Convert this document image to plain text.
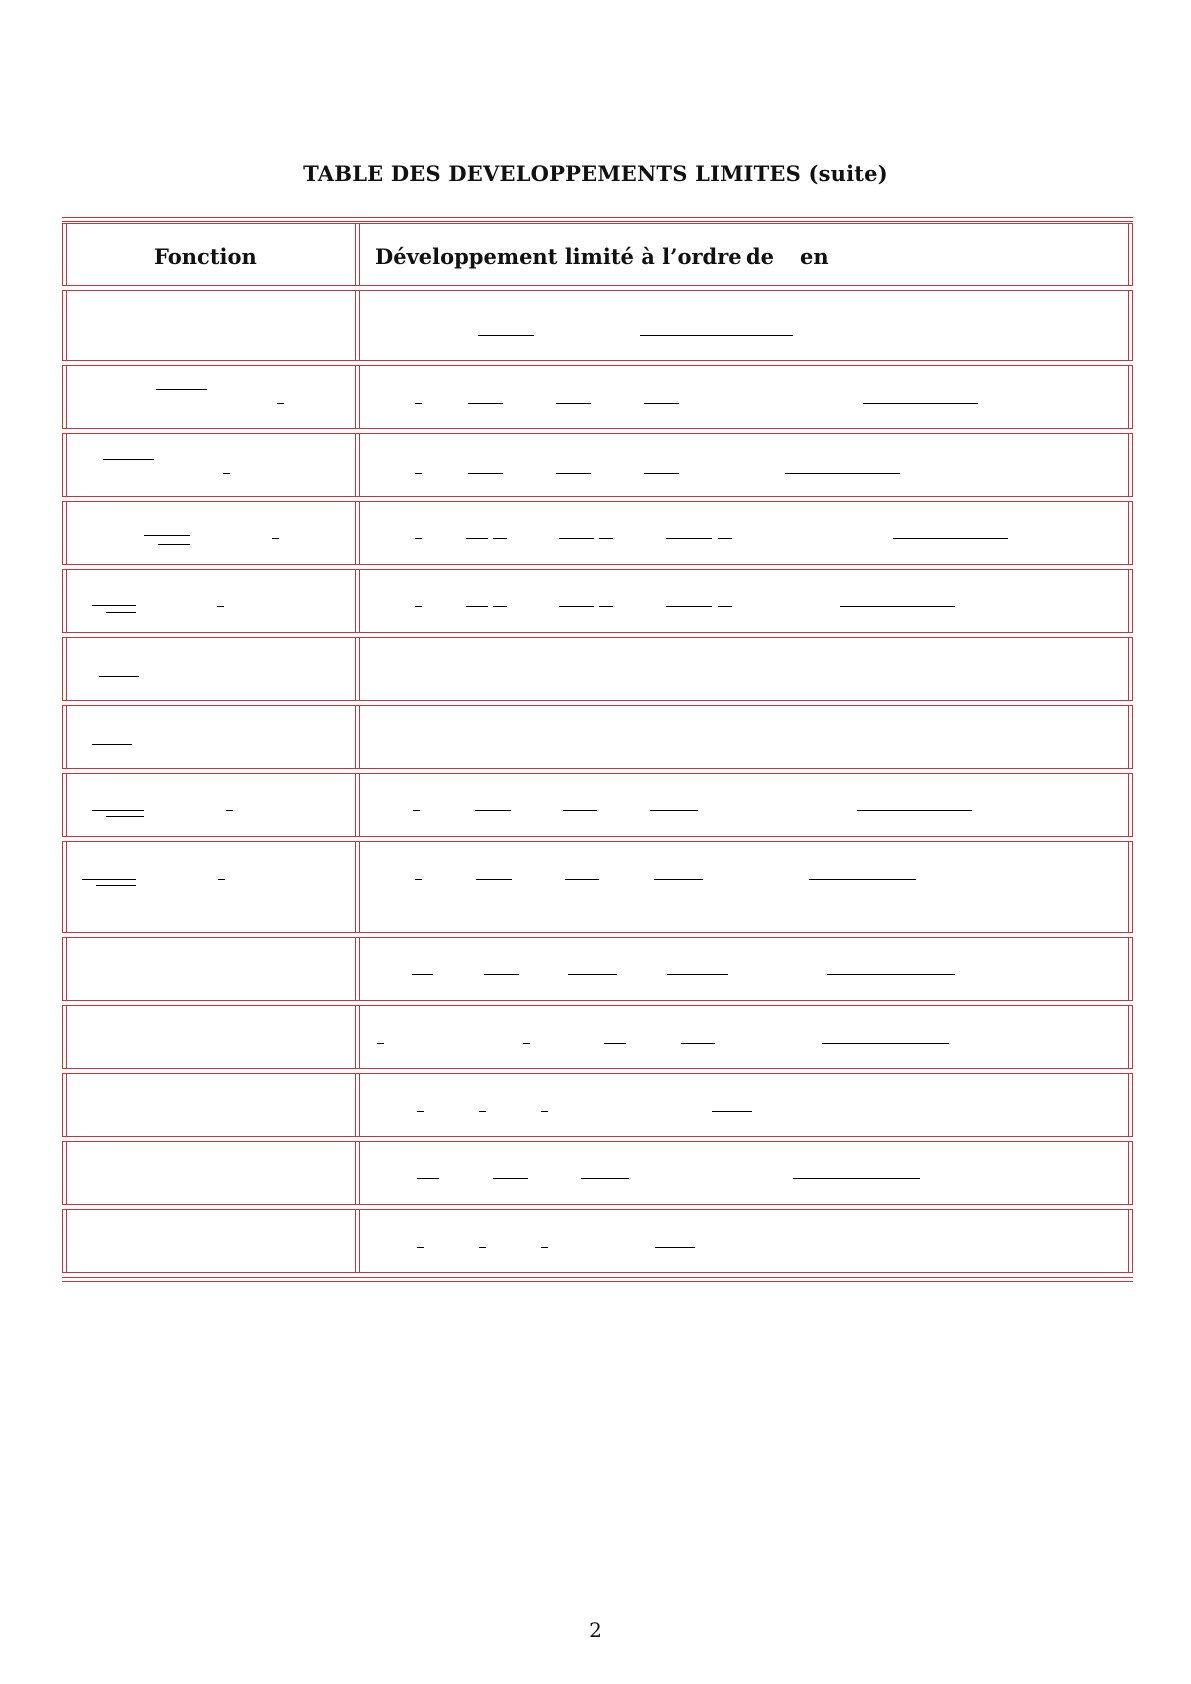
TABLE DES DEVELOPPEMENTS LIMITES (suite)
Fonction	Développement limité à l’ordre de en
2
